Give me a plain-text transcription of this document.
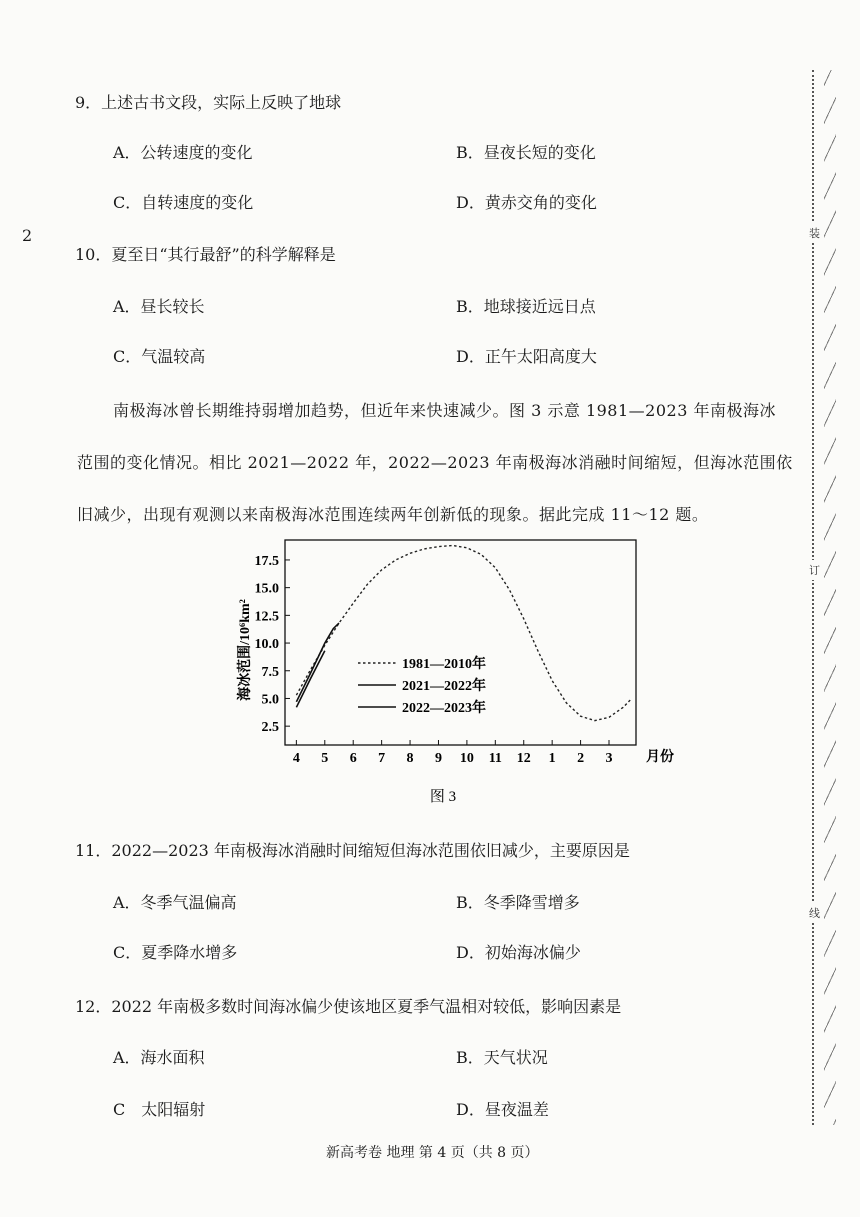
2
9．上述古书文段，实际上反映了地球
A．公转速度的变化	B．昼夜长短的变化
C．自转速度的变化	D．黄赤交角的变化
10．夏至日“其行最舒”的科学解释是
A．昼长较长	B．地球接近远日点
C．气温较高	D．正午太阳高度大
南极海冰曾长期维持弱增加趋势，但近年来快速减少。图 3 示意 1981—2023 年南极海冰
范围的变化情况。相比 2021—2022 年，2022—2023 年南极海冰消融时间缩短，但海冰范围依
旧减少，出现有观测以来南极海冰范围连续两年创新低的现象。据此完成 11～12 题。
4 5 6 7 8 9 10 11 12 1 2 3
2.5
5.0
7.5
10.0
12.5
15.0
17.5
1981—2010年
2021—2022年
2022—2023年
海冰范围/10⁶km²
月份
图 3
11．2022—2023 年南极海冰消融时间缩短但海冰范围依旧减少，主要原因是
A．冬季气温偏高	B．冬季降雪增多
C．夏季降水增多	D．初始海冰偏少
12．2022 年南极多数时间海冰偏少使该地区夏季气温相对较低，影响因素是
A．海水面积	B．天气状况
C　太阳辐射	D．昼夜温差
新高考卷 地理 第 4 页（共 8 页）
装
订
线
